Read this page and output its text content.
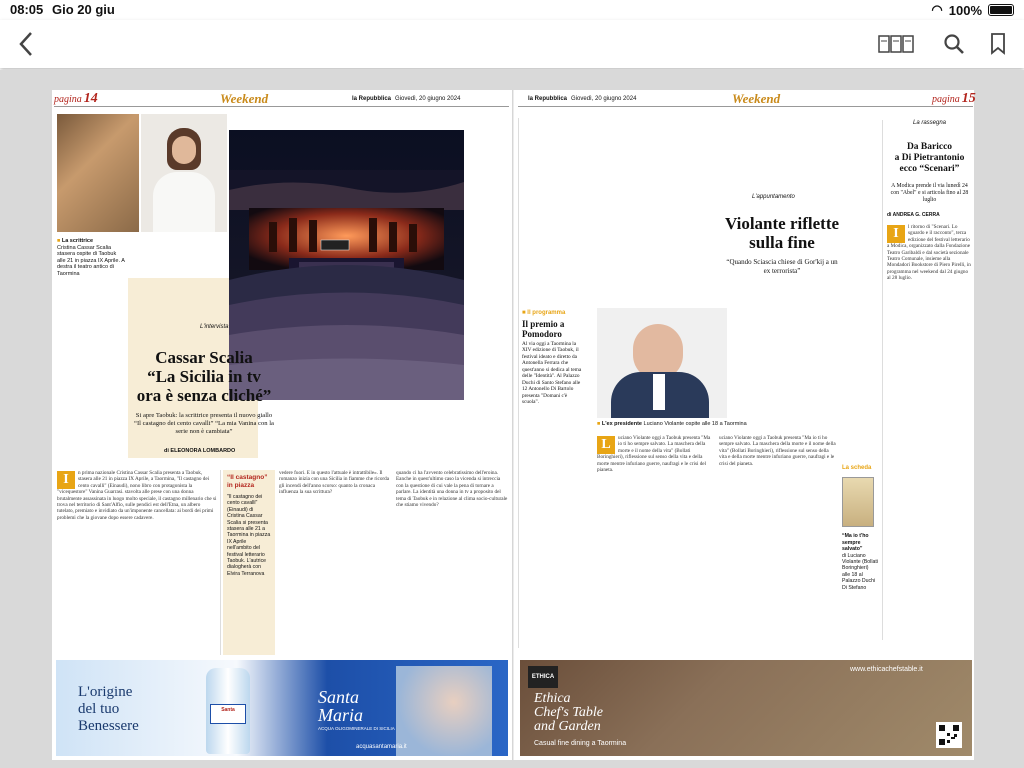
08:05 Gio 20 giu	◠ 100%
pagina 14	Weekend	la Repubblica Giovedì, 20 giugno 2024	la Repubblica Giovedì, 20 giugno 2024	Weekend	pagina 15
■ La scrittrice
Cristina Cassar Scalia stasera ospite di Taobuk alle 21 in piazza IX Aprile. A destra il teatro antico di Taormina
L'intervista
Cassar Scalia
“La Sicilia in tv
ora è senza cliché”
Si apre Taobuk: la scrittrice presenta il nuovo giallo “Il castagno dei cento cavalli” “La mia Vanina con la serie non è cambiata”
di ELEONORA LOMBARDO
I	n prima nazionale Cristina Cassar Scalia presenta a Taobuk, stasera alle 21 in piazza IX Aprile, a Taormina, "Il castagno dei cento cavalli" (Einaudi), nono libro con protagonista la "vicequestore" Vanina Guarrasi. stavolta alle prese con una donna brutalmente assassinata in luogo molto speciale, il castagno millenario che si trova nel territorio di Sant'Alfio, sulle pendici est dell'Etna, un albero tutelato, premiato e invidiato da un'imponente cancellata: ai bordi dei primi problemi che la giovane dopo essere cadavere.
“Il castagno” in piazza
"Il castagno dei cento cavalli" (Einaudi) di Cristina Cassar Scalia si presenta stasera alle 21 a Taormina in piazza IX Aprile nell'ambito del festival letterario Taobuk. L'autrice dialogherà con Elvira Terranova
vedere fuori. E in questo l'attuale è intrattibile». Il romanzo inizia con una Sicilia in fiamme che ricorda gli incendi dell'anno scorso: quanto la cronaca influenza la sua scrittura?
quando ci ha l'avvento celebratissimo dell'eroina. Eanche in quest'ultimo caso la vicenda si intreccia con la questione di cui vale la pena di tornare a parlare. La identità una donna in tv a proposito del tema di Taobuk e in relazione al clima socio-culturale che stiamo vivendo?
L'origine
del tuo
Benessere
Santa
Santa
Maria
ACQUA OLIGOMINERALE DI SICILIA
acquasantamaria.it
■ Il programma
Il premio a Pomodoro
Al via oggi a Taormina la XIV edizione di Taobuk, il festival ideato e diretto da Antonella Ferrara che quest'anno si dedica al tema delle "Identità". Al Palazzo Duchi di Santo Stefano alle 12 Antonello Di Bartolo presenta "Domani c'è scuola".
L'appuntamento
Violante riflette
sulla fine
“Quando Sciascia chiese di Gor'kij a un ex terrorista”
■ L'ex presidente Luciano Violante ospite alle 18 a Taormina
L	uciano Violante oggi a Taobuk presenta "Ma io ti ho sempre salvato. La maschera della morte e il nome della vita" (Bollati Boringhieri), riflessione sul senso della vita e della morte mentre infuriano guerre, naufragi e le crisi del pianeta.
uciano Violante oggi a Taobuk presenta "Ma io ti ho sempre salvato. La maschera della morte e il nome della vita" (Bollati Boringhieri), riflessione sul senso della vita e della morte mentre infuriano guerre, naufragi e le crisi del pianeta.
La scheda
“Ma io t'ho sempre salvato”
di Luciano Violante (Bollati Boringhieri) alle 18 al Palazzo Duchi Di Stefano
La rassegna
Da Baricco
a Di Pietrantonio
ecco “Scenari”
A Modica prende il via lunedì 24 con "Abel" e si articola fino al 28 luglio
di ANDREA G. CERRA
I	l ritorno di "Scenari. Lo sguardo e il racconto", terza edizione del festival letterario a Modica, organizzato dalla Fondazione Teatro Garibaldi e dal società sezionale Teatro Comunale, insieme alla Mondadori Bookstore di Piero Pirelli, in programma nel weekend dal 24 giugno al 28 luglio.
ETHICA
Ethica
Chef's Table
and Garden
Casual fine dining a Taormina
www.ethicachefstable.it
